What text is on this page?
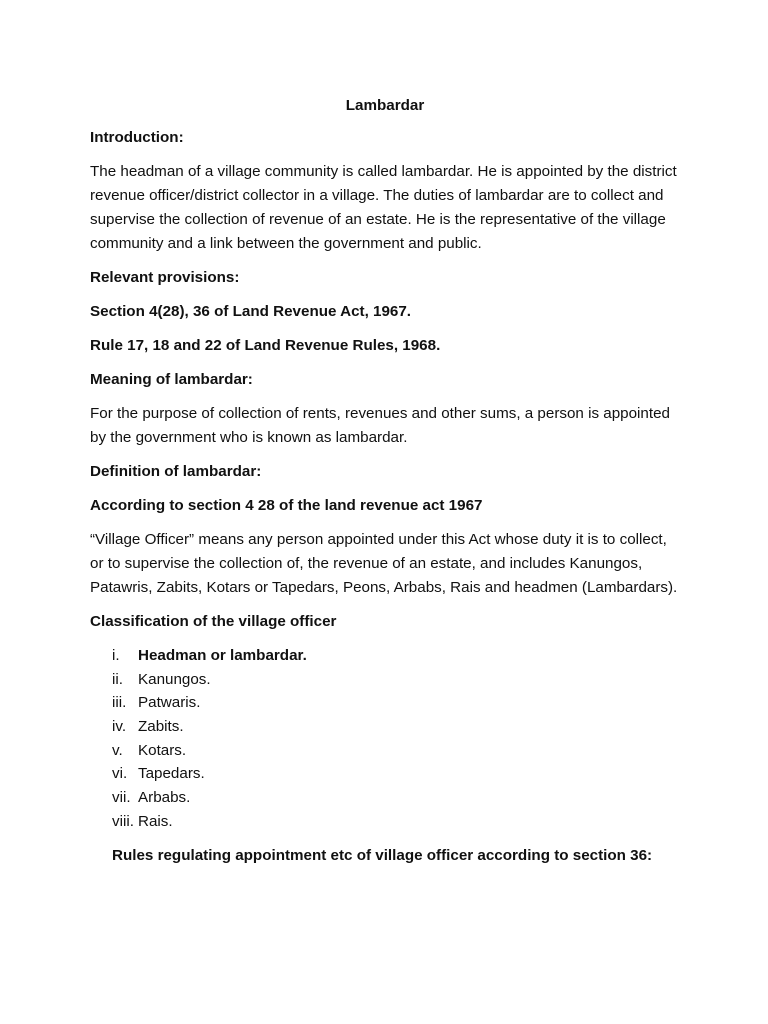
Lambardar
Introduction:
The headman of a village community is called lambardar. He is appointed by the district revenue officer/district collector in a village. The duties of lambardar are to collect and supervise the collection of revenue of an estate. He is the representative of the village community and a link between the government and public.
Relevant provisions:
Section 4(28), 36 of Land Revenue Act, 1967.
Rule 17, 18 and 22 of Land Revenue Rules, 1968.
Meaning of lambardar:
For the purpose of collection of rents, revenues and other sums, a person is appointed by the government who is known as lambardar.
Definition of lambardar:
According to section 4 28 of the land revenue act 1967
“Village Officer” means any person appointed under this Act whose duty it is to collect, or to supervise the collection of, the revenue of an estate, and includes Kanungos, Patawris, Zabits, Kotars or Tapedars, Peons, Arbabs, Rais and headmen (Lambardars).
Classification of the village officer
i.	Headman or lambardar.
ii. Kanungos.
iii. Patwaris.
iv. Zabits.
v.	Kotars.
vi. Tapedars.
vii. Arbabs.
viii. Rais.
Rules regulating appointment etc of village officer according to section 36:
